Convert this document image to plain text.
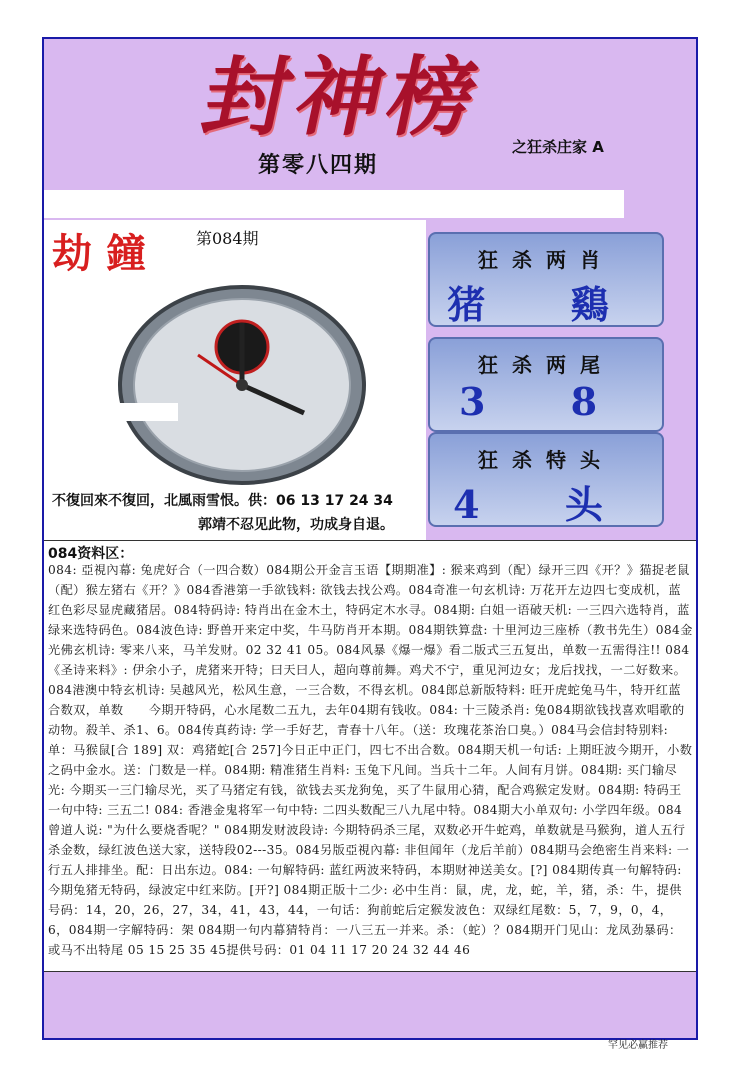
封神榜
第零八四期
之狂杀庄家 A
劫鐘 第084期
不復回來不復回，北風雨雪恨。供：06 13 17 24 34
郭靖不忍见此物，功成身自退。
狂杀两肖
猪 鷄
狂杀两尾
3 8
狂杀特头
4 头
084资料区：
084: 亞視內幕: 兔虎好合（一四合数）084期公开金言玉语【期期准】: 猴来鸡到（配）绿开三四《开？》猫捉老鼠（配）猴左猪右《开？》084香港第一手欲钱料: 欲钱去找公鸡。084奇准一句玄机诗: 万花开左边四七变成机，蓝红色彩尽显虎藏猪居。084特码诗: 特肖出在金木土，特码定木水寻。084期: 白姐一语破天机: 一三四六选特肖，蓝绿来选特码色。084波色诗: 野兽开来定中奖，牛马防肖开本期。084期铁算盘: 十里河边三座桥（教书先生）084金光佛玄机诗: 零来八来，马羊发财。02 32 41 05。084风暴《爆一爆》看二版式三五复出，单数一五需得注!! 084《圣诗来料》: 伊余小子，虎猪来开特；曰天曰人，超向尊前舞。鸡犬不宁，重见河边女；龙后找找，一二好数来。084港澳中特玄机诗: 吴越风光，松风生意，一三合数，不得玄机。084郎总新版特料: 旺开虎蛇兔马牛，特开红蓝合数双，单数　　今期开特码，心水尾数二五九，去年04期有钱收。084: 十三陵杀肖: 兔084期欲钱找喜欢唱歌的动物。殺羊、杀1、6。084传真药诗: 学一手好艺，青春十八年。（送：玫瑰花茶治口臭。）084马会信封特别料: 单：马猴鼠[合 189] 双：鸡猪蛇[合 257]今日正中正门，四七不出合数。084期天机一句话: 上期旺波今期开，小数之码中金水。送：门数是一样。084期: 精准猪生肖料: 玉兔下凡间。当兵十二年。人间有月饼。084期: 买门输尽光: 今期买一三门输尽光，买了马猪定有钱，欲钱去买龙狗兔，买了牛鼠用心猜，配合鸡猴定发财。084期: 特码王一句中特: 三五二! 084: 香港金鬼将军一句中特: 二四头数配三八九尾中特。084期大小单双句: 小学四年级。084曾道人说: "为什么要烧香呢？" 084期发财波段诗: 今期特码杀三尾，双数必开牛蛇鸡，单数就是马猴狗，道人五行杀金数，绿红波色送大家，送特段02---35。084另版亞視內幕: 非但闻年（龙后羊前）084期马会绝密生肖来料: 一行五人排排坐。配：日出东边。084: 一句解特码: 蓝红两波来特码，本期财神送美女。[?] 084期传真一句解特码: 今期兔猪无特码，绿波定中红来防。[开?] 084期正版十二少: 必中生肖：鼠，虎，龙，蛇，羊，猪，杀：牛，提供号码：14，20，26，27，34，41，43，44，一句话：狗前蛇后定猴发波色：双绿红尾数：5，7，9，0，4，6，084期一字解特码：架 084期一句内幕猜特肖：一八三五一并来。杀：（蛇）？084期开门见山：龙凤劲暴码：或马不出特尾 05 15 25 35 45提供号码：01 04 11 17 20 24 32 44 46
罕见必赢推荐
